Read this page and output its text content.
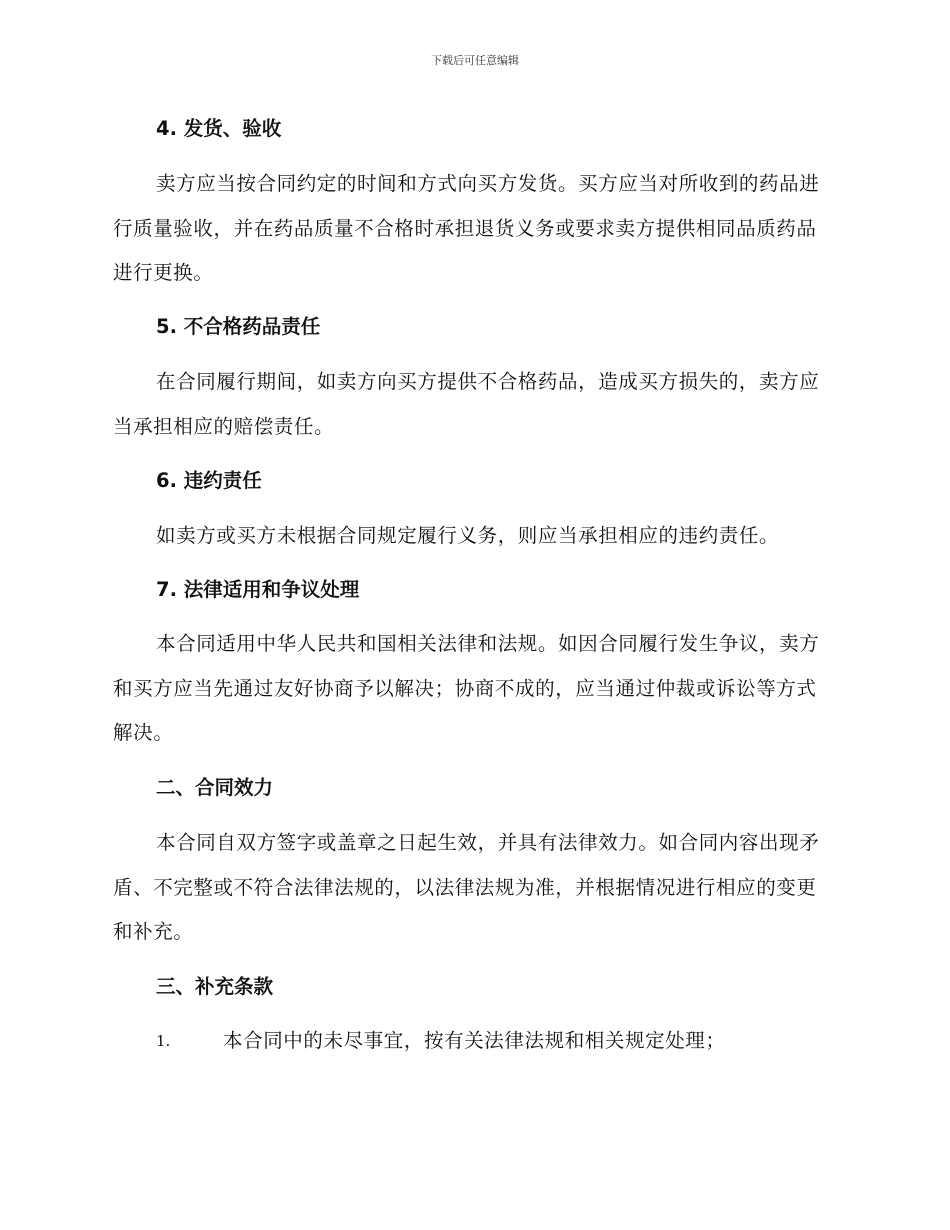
下载后可任意编辑
4. 发货、验收

卖方应当按合同约定的时间和方式向买方发货。买方应当对所收到的药品进行质量验收，并在药品质量不合格时承担退货义务或要求卖方提供相同品质药品进行更换。

5. 不合格药品责任

在合同履行期间，如卖方向买方提供不合格药品，造成买方损失的，卖方应当承担相应的赔偿责任。

6. 违约责任

如卖方或买方未根据合同规定履行义务，则应当承担相应的违约责任。

7. 法律适用和争议处理

本合同适用中华人民共和国相关法律和法规。如因合同履行发生争议，卖方和买方应当先通过友好协商予以解决；协商不成的，应当通过仲裁或诉讼等方式解决。

二、合同效力

本合同自双方签字或盖章之日起生效，并具有法律效力。如合同内容出现矛盾、不完整或不符合法律法规的，以法律法规为准，并根据情况进行相应的变更和补充。

三、补充条款
1.	本合同中的未尽事宜，按有关法律法规和相关规定处理；
